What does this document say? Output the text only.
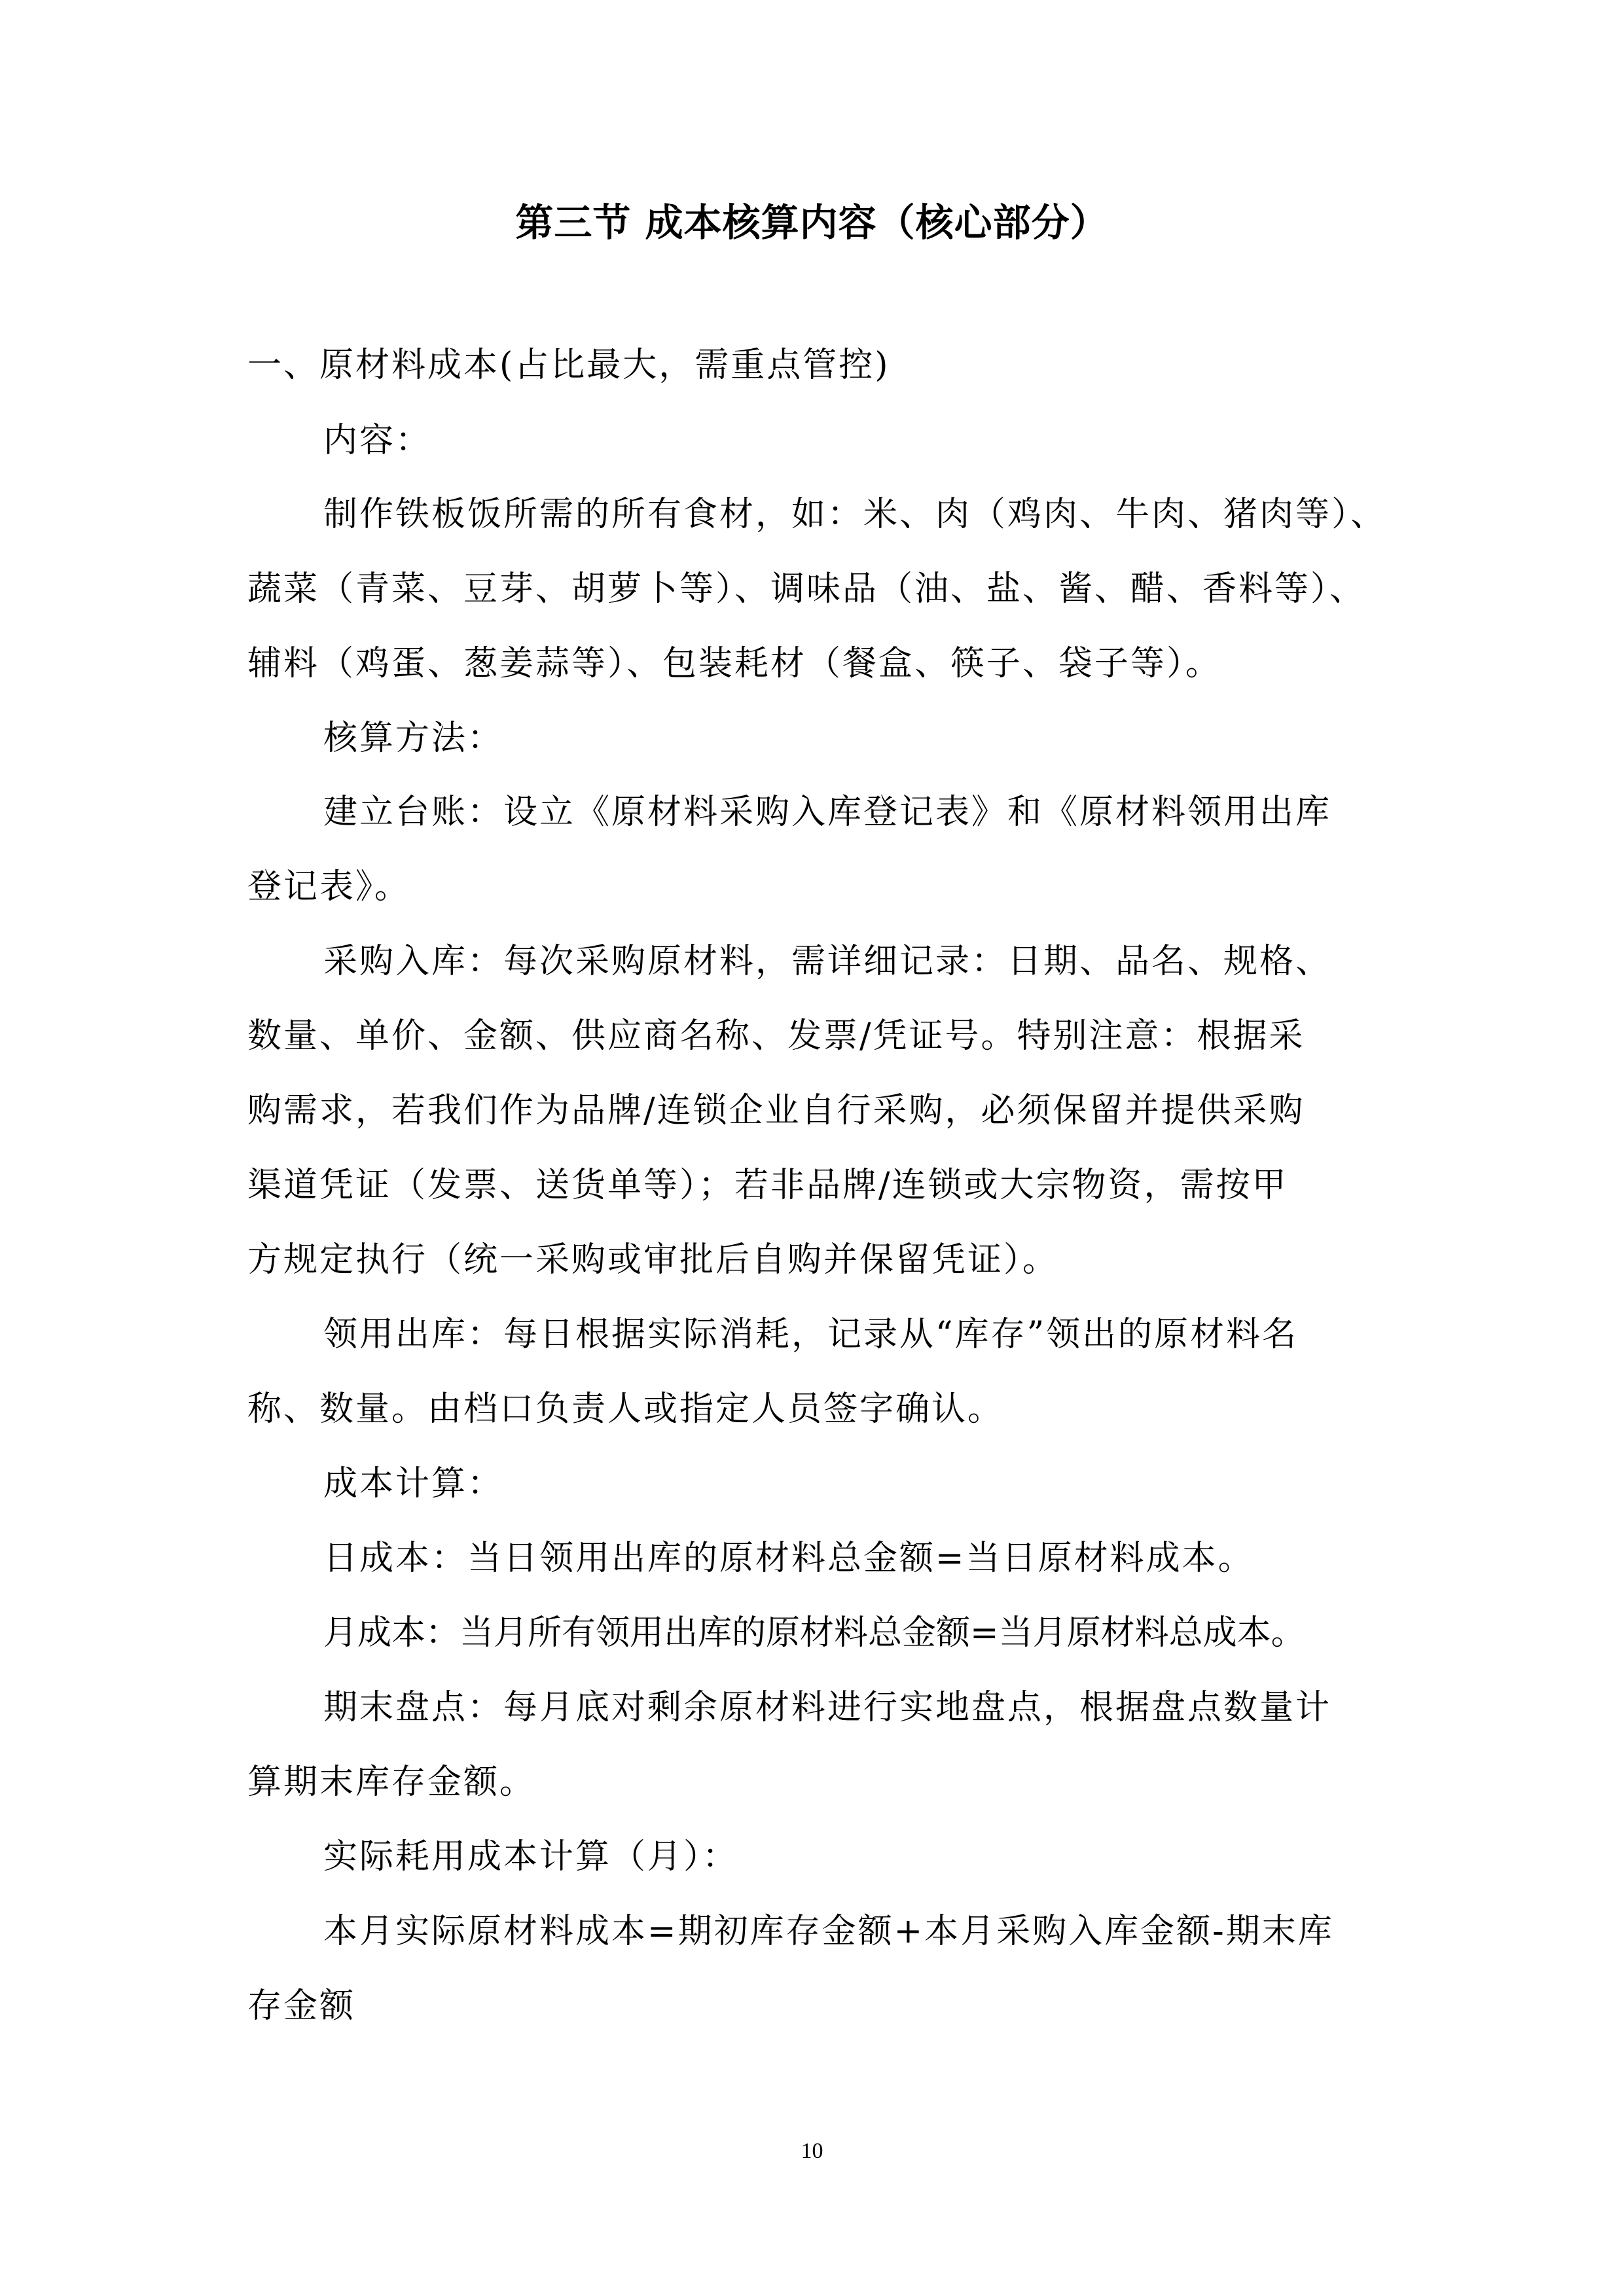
第三节 成本核算内容（核心部分）
一、原材料成本(占比最大，需重点管控)
内容：
制作铁板饭所需的所有食材，如：米、肉（鸡肉、牛肉、猪肉等）、
蔬菜（青菜、豆芽、胡萝卜等）、调味品（油、盐、酱、醋、香料等）、
辅料（鸡蛋、葱姜蒜等）、包装耗材（餐盒、筷子、袋子等）。
核算方法：
建立台账：设立《原材料采购入库登记表》和《原材料领用出库
登记表》。
采购入库：每次采购原材料，需详细记录：日期、品名、规格、
数量、单价、金额、供应商名称、发票/凭证号。特别注意：根据采
购需求，若我们作为品牌/连锁企业自行采购，必须保留并提供采购
渠道凭证（发票、送货单等）；若非品牌/连锁或大宗物资，需按甲
方规定执行（统一采购或审批后自购并保留凭证）。
领用出库：每日根据实际消耗，记录从“库存”领出的原材料名
称、数量。由档口负责人或指定人员签字确认。
成本计算：
日成本：当日领用出库的原材料总金额=当日原材料成本。
月成本：当月所有领用出库的原材料总金额=当月原材料总成本。
期末盘点：每月底对剩余原材料进行实地盘点，根据盘点数量计
算期末库存金额。
实际耗用成本计算（月）：
本月实际原材料成本=期初库存金额+本月采购入库金额-期末库
存金额
10
